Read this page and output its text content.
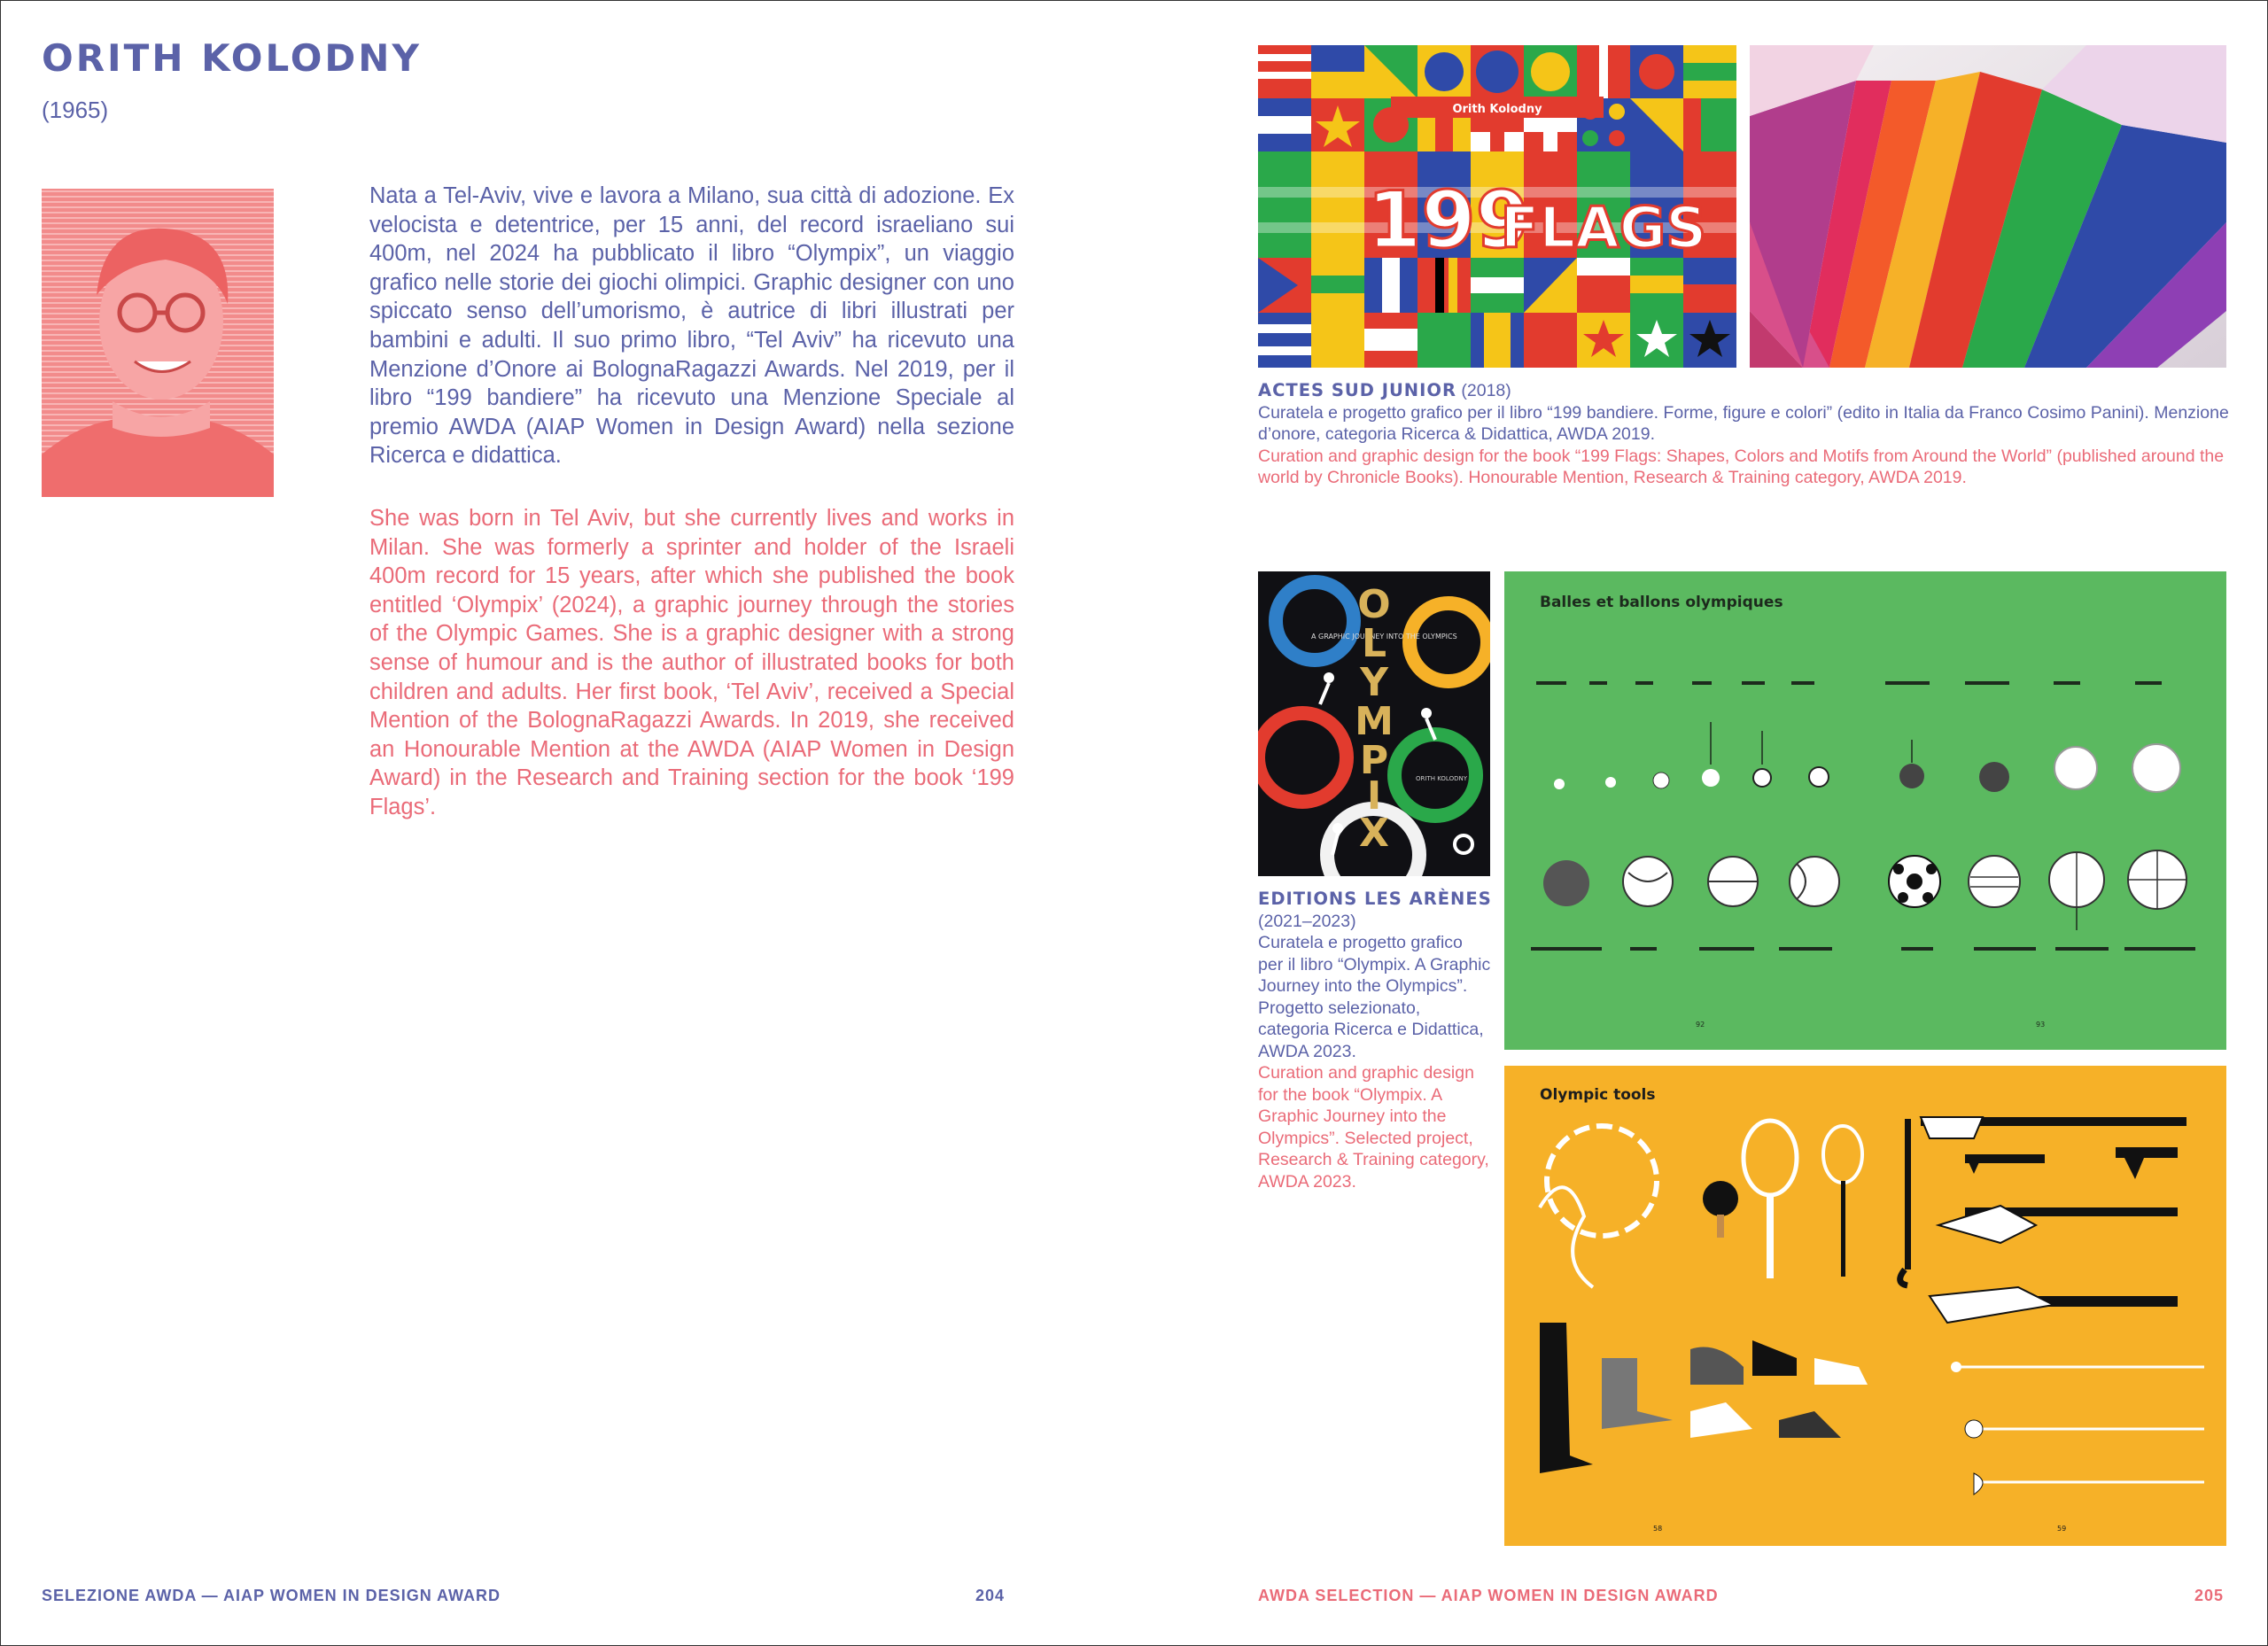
ORITH KOLODNY
(1965)

Nata a Tel-Aviv, vive e lavora a Milano, sua città di adozione. Ex velocista e detentrice, per 15 anni, del record israeliano sui 400m, nel 2024 ha pubblicato il libro “Olympix”, un viaggio grafico nelle storie dei giochi olimpici. Graphic designer con uno spiccato senso dell’umorismo, è autrice di libri illustrati per bambini e adulti. Il suo primo libro, “Tel Aviv” ha ricevuto una Menzione d’Onore ai BolognaRagazzi Awards. Nel 2019, per il libro “199 bandiere” ha ricevuto una Menzione Speciale al premio AWDA (AIAP Women in Design Award) nella sezione Ricerca e didattica.

She was born in Tel Aviv, but she currently lives and works in Milan. She was formerly a sprinter and holder of the Israeli 400m record for 15 years, after which she published the book entitled ‘Olympix’ (2024), a graphic journey through the stories of the Olympic Games. She is a graphic designer with a strong sense of humour and is the author of illustrated books for both children and adults. Her first book, ‘Tel Aviv’, received a Special Mention of the BolognaRagazzi Awards. In 2019, she received an Honourable Mention at the AWDA (AIAP Women in Design Award) in the Research and Training section for the book ‘199 Flags’.

SELEZIONE AWDA — AIAP WOMEN IN DESIGN AWARD	204
Orith Kolodny
199
FLAGS

ACTES SUD JUNIOR (2018)
Curatela e progetto grafico per il libro “199 bandiere. Forme, figure e colori” (edito in Italia da Franco Cosimo Panini). Menzione d’onore, categoria Ricerca & Didattica, AWDA 2019.
Curation and graphic design for the book “199 Flags: Shapes, Colors and Motifs from Around the World” (published around the world by Chronicle Books). Honourable Mention, Research & Training category, AWDA 2019.

A GRAPHIC JOURNEY INTO THE OLYMPICS
O
L
Y
M
P
I
X
ORITH KOLODNY

EDITIONS LES ARÈNES
(2021–2023)
Curatela e progetto grafico per il libro “Olympix. A Graphic Journey into the Olympics”. Progetto selezionato, categoria Ricerca e Didattica, AWDA 2023.
Curation and graphic design for the book “Olympix. A Graphic Journey into the Olympics”. Selected project, Research & Training category, AWDA 2023.

Balles et ballons olympiques
92	93
Olympic tools
58	59
AWDA SELECTION — AIAP WOMEN IN DESIGN AWARD	205
